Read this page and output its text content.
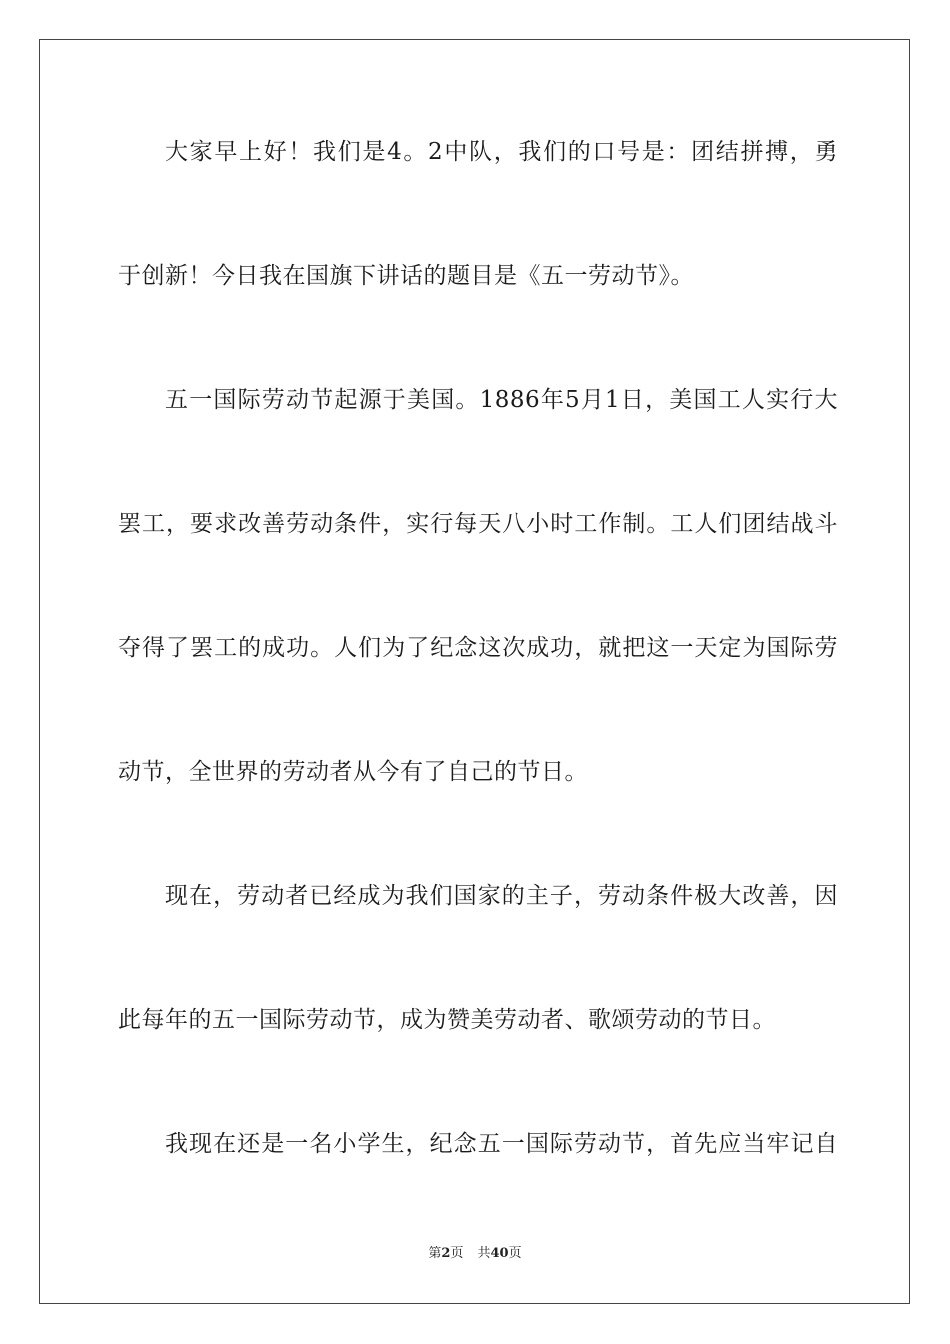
大家早上好！我们是4。2中队，我们的口号是：团结拼搏，勇
于创新！今日我在国旗下讲话的题目是《五一劳动节》。
五一国际劳动节起源于美国。1886年5月1日，美国工人实行大
罢工，要求改善劳动条件，实行每天八小时工作制。工人们团结战斗
夺得了罢工的成功。人们为了纪念这次成功，就把这一天定为国际劳
动节，全世界的劳动者从今有了自己的节日。
现在，劳动者已经成为我们国家的主子，劳动条件极大改善，因
此每年的五一国际劳动节，成为赞美劳动者、歌颂劳动的节日。
我现在还是一名小学生，纪念五一国际劳动节，首先应当牢记自
第2页 共40页
